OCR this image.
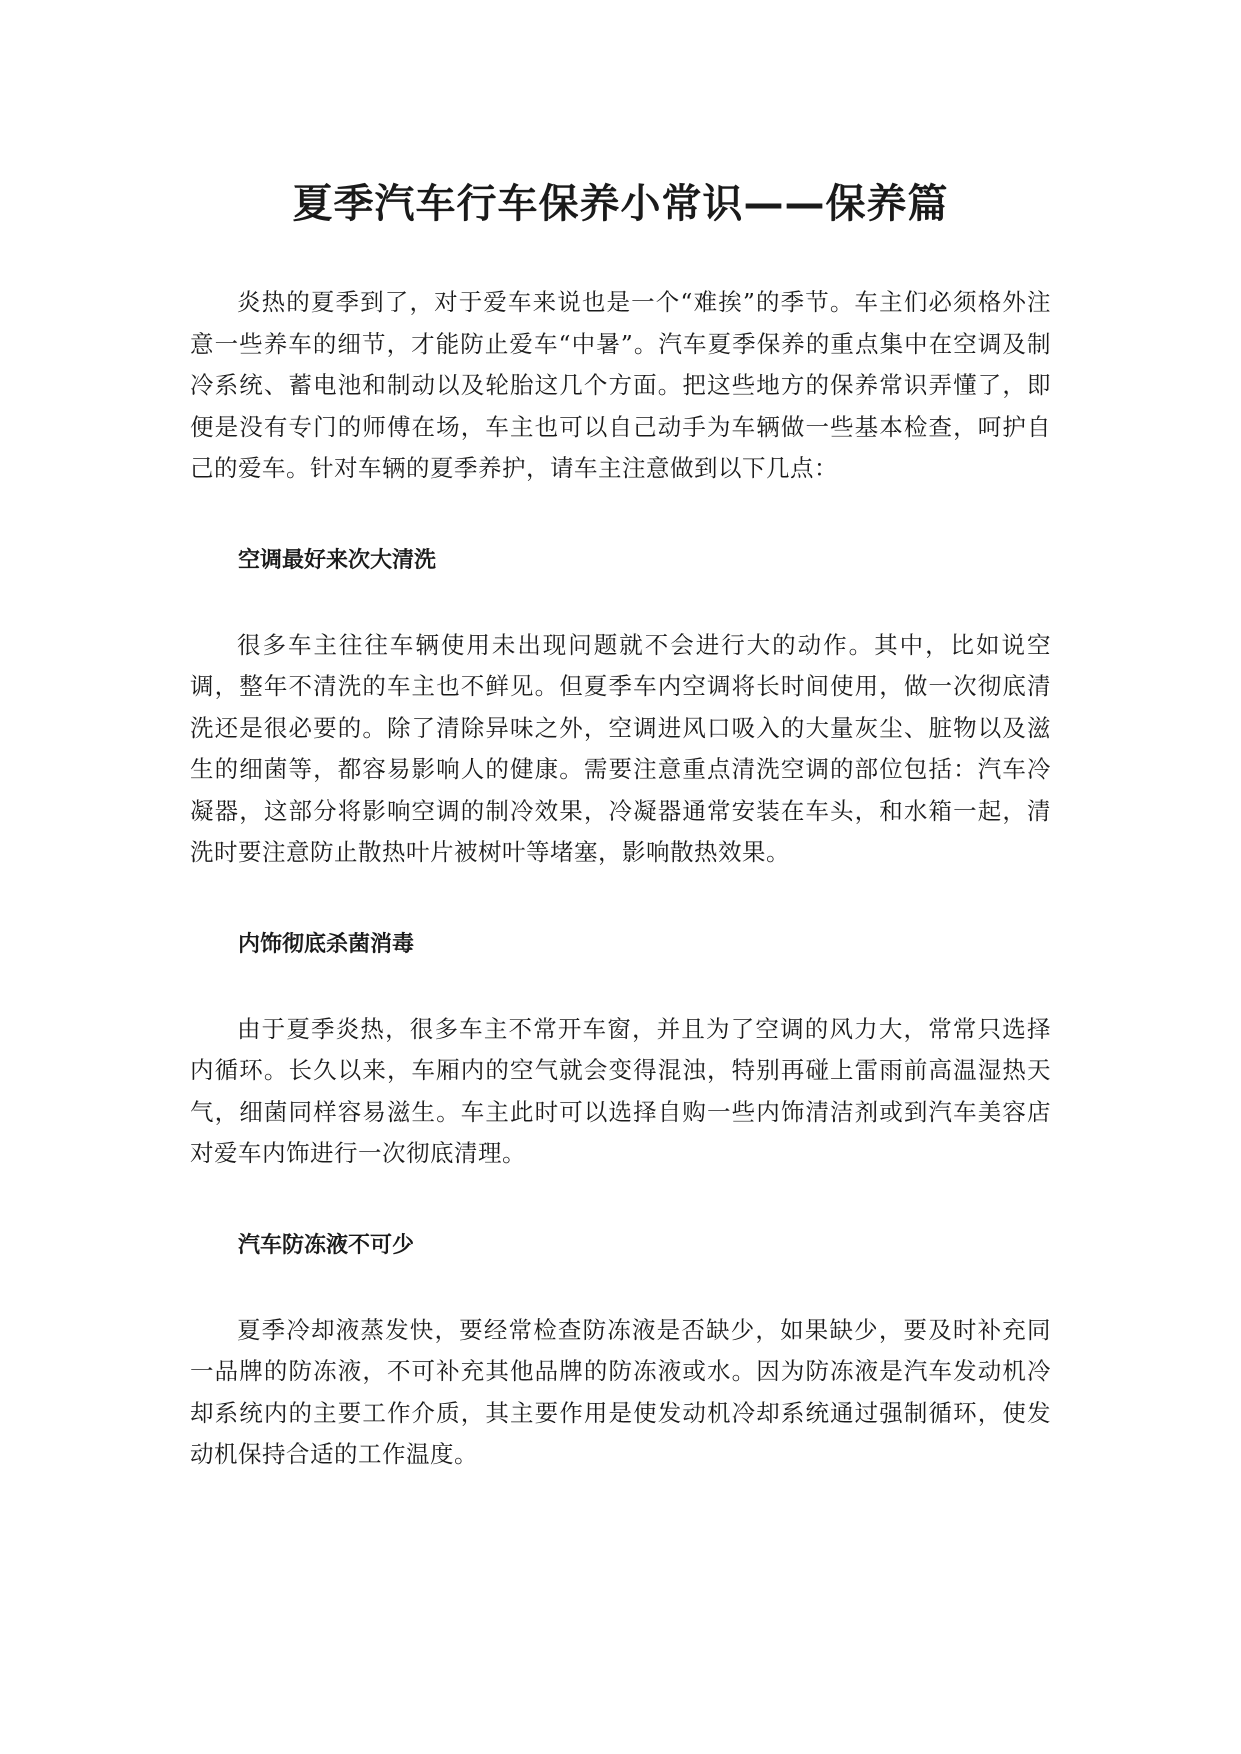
夏季汽车行车保养小常识——保养篇

炎热的夏季到了，对于爱车来说也是一个“难挨”的季节。车主们必须格外注意一些养车的细节，才能防止爱车“中暑”。汽车夏季保养的重点集中在空调及制冷系统、蓄电池和制动以及轮胎这几个方面。把这些地方的保养常识弄懂了，即便是没有专门的师傅在场，车主也可以自己动手为车辆做一些基本检查，呵护自己的爱车。针对车辆的夏季养护，请车主注意做到以下几点：

空调最好来次大清洗

很多车主往往车辆使用未出现问题就不会进行大的动作。其中，比如说空调，整年不清洗的车主也不鲜见。但夏季车内空调将长时间使用，做一次彻底清洗还是很必要的。除了清除异味之外，空调进风口吸入的大量灰尘、脏物以及滋生的细菌等，都容易影响人的健康。需要注意重点清洗空调的部位包括：汽车冷凝器，这部分将影响空调的制冷效果，冷凝器通常安装在车头，和水箱一起，清洗时要注意防止散热叶片被树叶等堵塞，影响散热效果。

内饰彻底杀菌消毒

由于夏季炎热，很多车主不常开车窗，并且为了空调的风力大，常常只选择内循环。长久以来，车厢内的空气就会变得混浊，特别再碰上雷雨前高温湿热天气，细菌同样容易滋生。车主此时可以选择自购一些内饰清洁剂或到汽车美容店对爱车内饰进行一次彻底清理。

汽车防冻液不可少

夏季冷却液蒸发快，要经常检查防冻液是否缺少，如果缺少，要及时补充同一品牌的防冻液，不可补充其他品牌的防冻液或水。因为防冻液是汽车发动机冷却系统内的主要工作介质，其主要作用是使发动机冷却系统通过强制循环，使发动机保持合适的工作温度。
